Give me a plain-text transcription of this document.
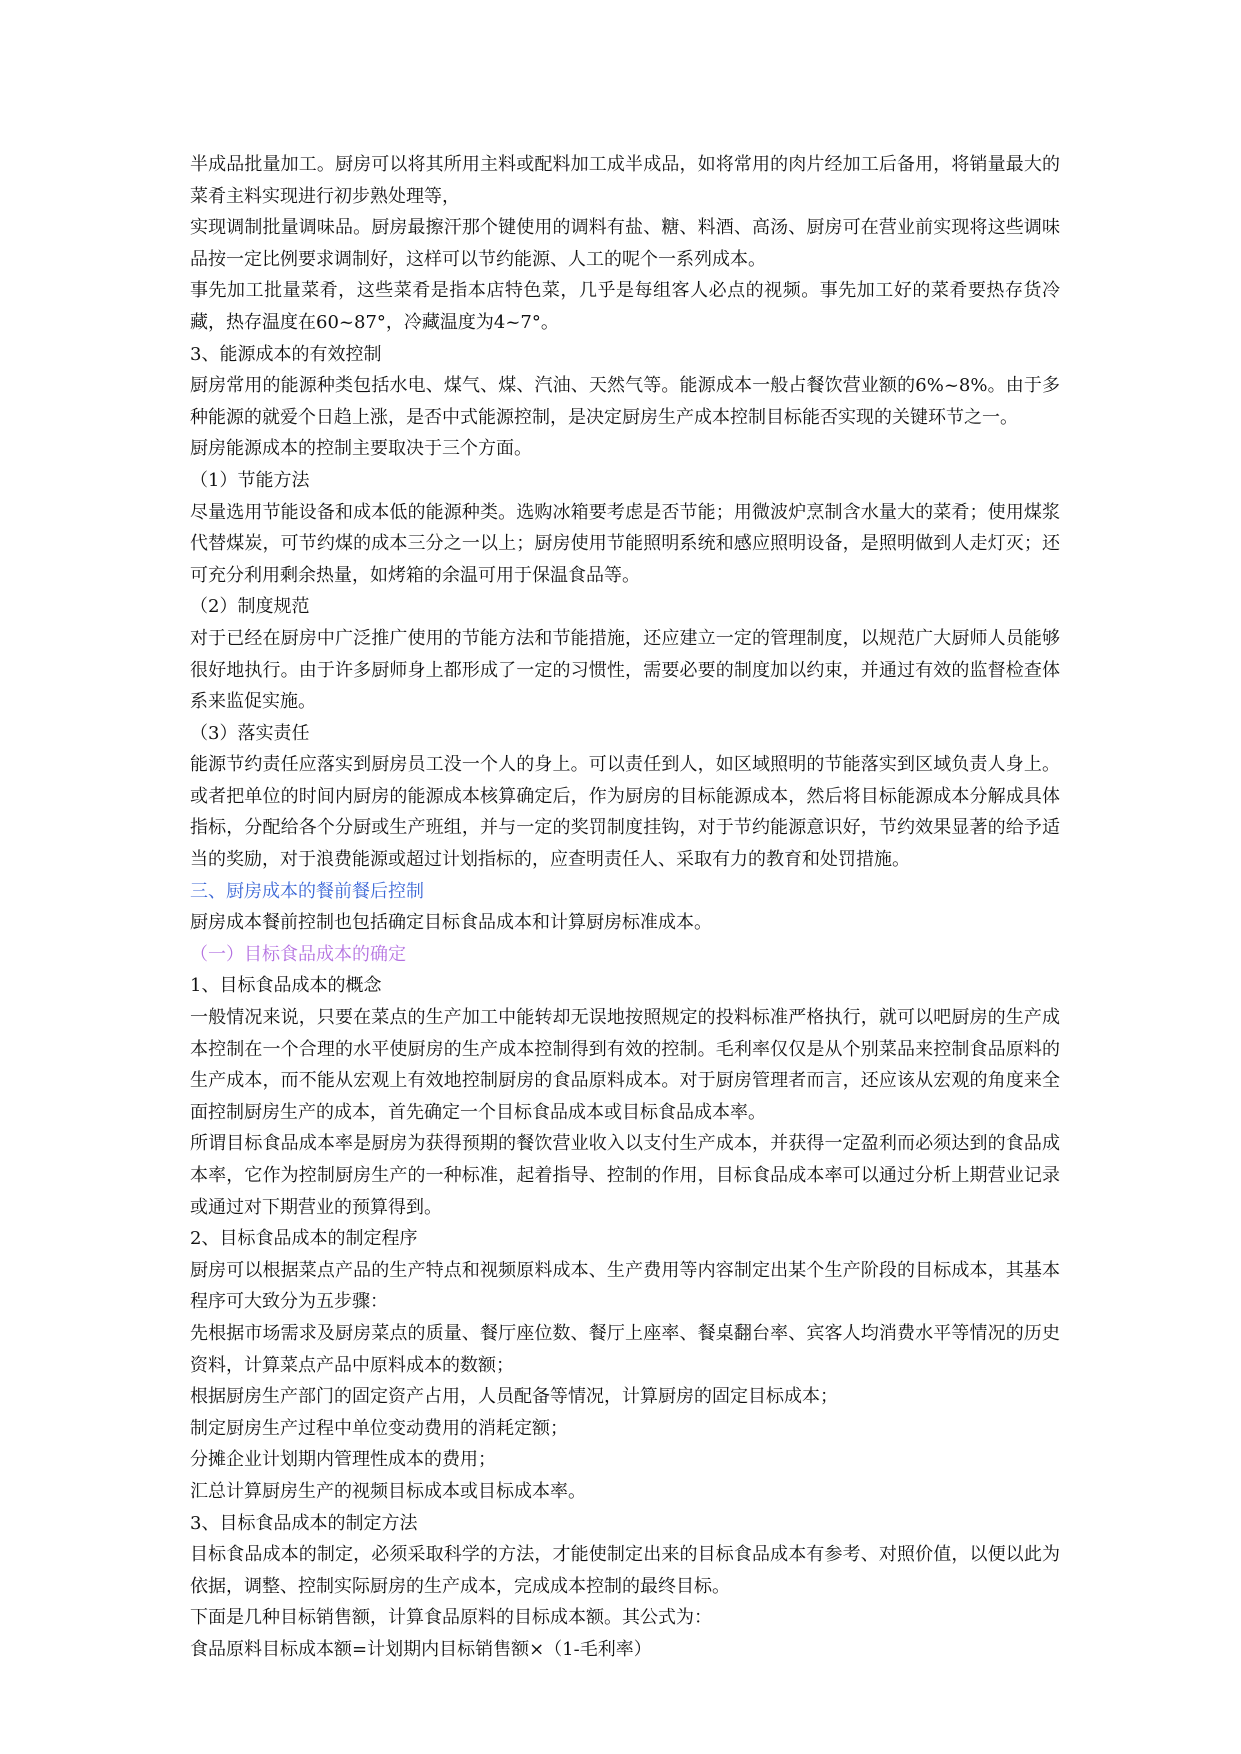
半成品批量加工。厨房可以将其所用主料或配料加工成半成品，如将常用的肉片经加工后备用，将销量最大的菜肴主料实现进行初步熟处理等，

实现调制批量调味品。厨房最擦汗那个键使用的调料有盐、糖、料酒、高汤、厨房可在营业前实现将这些调味品按一定比例要求调制好，这样可以节约能源、人工的呢个一系列成本。

事先加工批量菜肴，这些菜肴是指本店特色菜，几乎是每组客人必点的视频。事先加工好的菜肴要热存货冷藏，热存温度在60~87°，冷藏温度为4~7°。

3、能源成本的有效控制

厨房常用的能源种类包括水电、煤气、煤、汽油、天然气等。能源成本一般占餐饮营业额的6%~8%。由于多种能源的就爱个日趋上涨，是否中式能源控制，是决定厨房生产成本控制目标能否实现的关键环节之一。

厨房能源成本的控制主要取决于三个方面。

（1）节能方法

尽量选用节能设备和成本低的能源种类。选购冰箱要考虑是否节能；用微波炉烹制含水量大的菜肴；使用煤浆代替煤炭，可节约煤的成本三分之一以上；厨房使用节能照明系统和感应照明设备，是照明做到人走灯灭；还可充分利用剩余热量，如烤箱的余温可用于保温食品等。

（2）制度规范

对于已经在厨房中广泛推广使用的节能方法和节能措施，还应建立一定的管理制度，以规范广大厨师人员能够很好地执行。由于许多厨师身上都形成了一定的习惯性，需要必要的制度加以约束，并通过有效的监督检查体系来监促实施。

（3）落实责任

能源节约责任应落实到厨房员工没一个人的身上。可以责任到人，如区域照明的节能落实到区域负责人身上。或者把单位的时间内厨房的能源成本核算确定后，作为厨房的目标能源成本，然后将目标能源成本分解成具体指标，分配给各个分厨或生产班组，并与一定的奖罚制度挂钩，对于节约能源意识好，节约效果显著的给予适当的奖励，对于浪费能源或超过计划指标的，应查明责任人、采取有力的教育和处罚措施。

三、厨房成本的餐前餐后控制

厨房成本餐前控制也包括确定目标食品成本和计算厨房标准成本。

（一）目标食品成本的确定

1、目标食品成本的概念

一般情况来说，只要在菜点的生产加工中能转却无误地按照规定的投料标准严格执行，就可以吧厨房的生产成本控制在一个合理的水平使厨房的生产成本控制得到有效的控制。毛利率仅仅是从个别菜品来控制食品原料的生产成本，而不能从宏观上有效地控制厨房的食品原料成本。对于厨房管理者而言，还应该从宏观的角度来全面控制厨房生产的成本，首先确定一个目标食品成本或目标食品成本率。

所谓目标食品成本率是厨房为获得预期的餐饮营业收入以支付生产成本，并获得一定盈利而必须达到的食品成本率，它作为控制厨房生产的一种标准，起着指导、控制的作用，目标食品成本率可以通过分析上期营业记录或通过对下期营业的预算得到。

2、目标食品成本的制定程序

厨房可以根据菜点产品的生产特点和视频原料成本、生产费用等内容制定出某个生产阶段的目标成本，其基本程序可大致分为五步骤：

先根据市场需求及厨房菜点的质量、餐厅座位数、餐厅上座率、餐桌翻台率、宾客人均消费水平等情况的历史资料，计算菜点产品中原料成本的数额；

根据厨房生产部门的固定资产占用，人员配备等情况，计算厨房的固定目标成本；

制定厨房生产过程中单位变动费用的消耗定额；

分摊企业计划期内管理性成本的费用；

汇总计算厨房生产的视频目标成本或目标成本率。

3、目标食品成本的制定方法

目标食品成本的制定，必须采取科学的方法，才能使制定出来的目标食品成本有参考、对照价值，以便以此为依据，调整、控制实际厨房的生产成本，完成成本控制的最终目标。

下面是几种目标销售额，计算食品原料的目标成本额。其公式为：

食品原料目标成本额=计划期内目标销售额×（1-毛利率）
